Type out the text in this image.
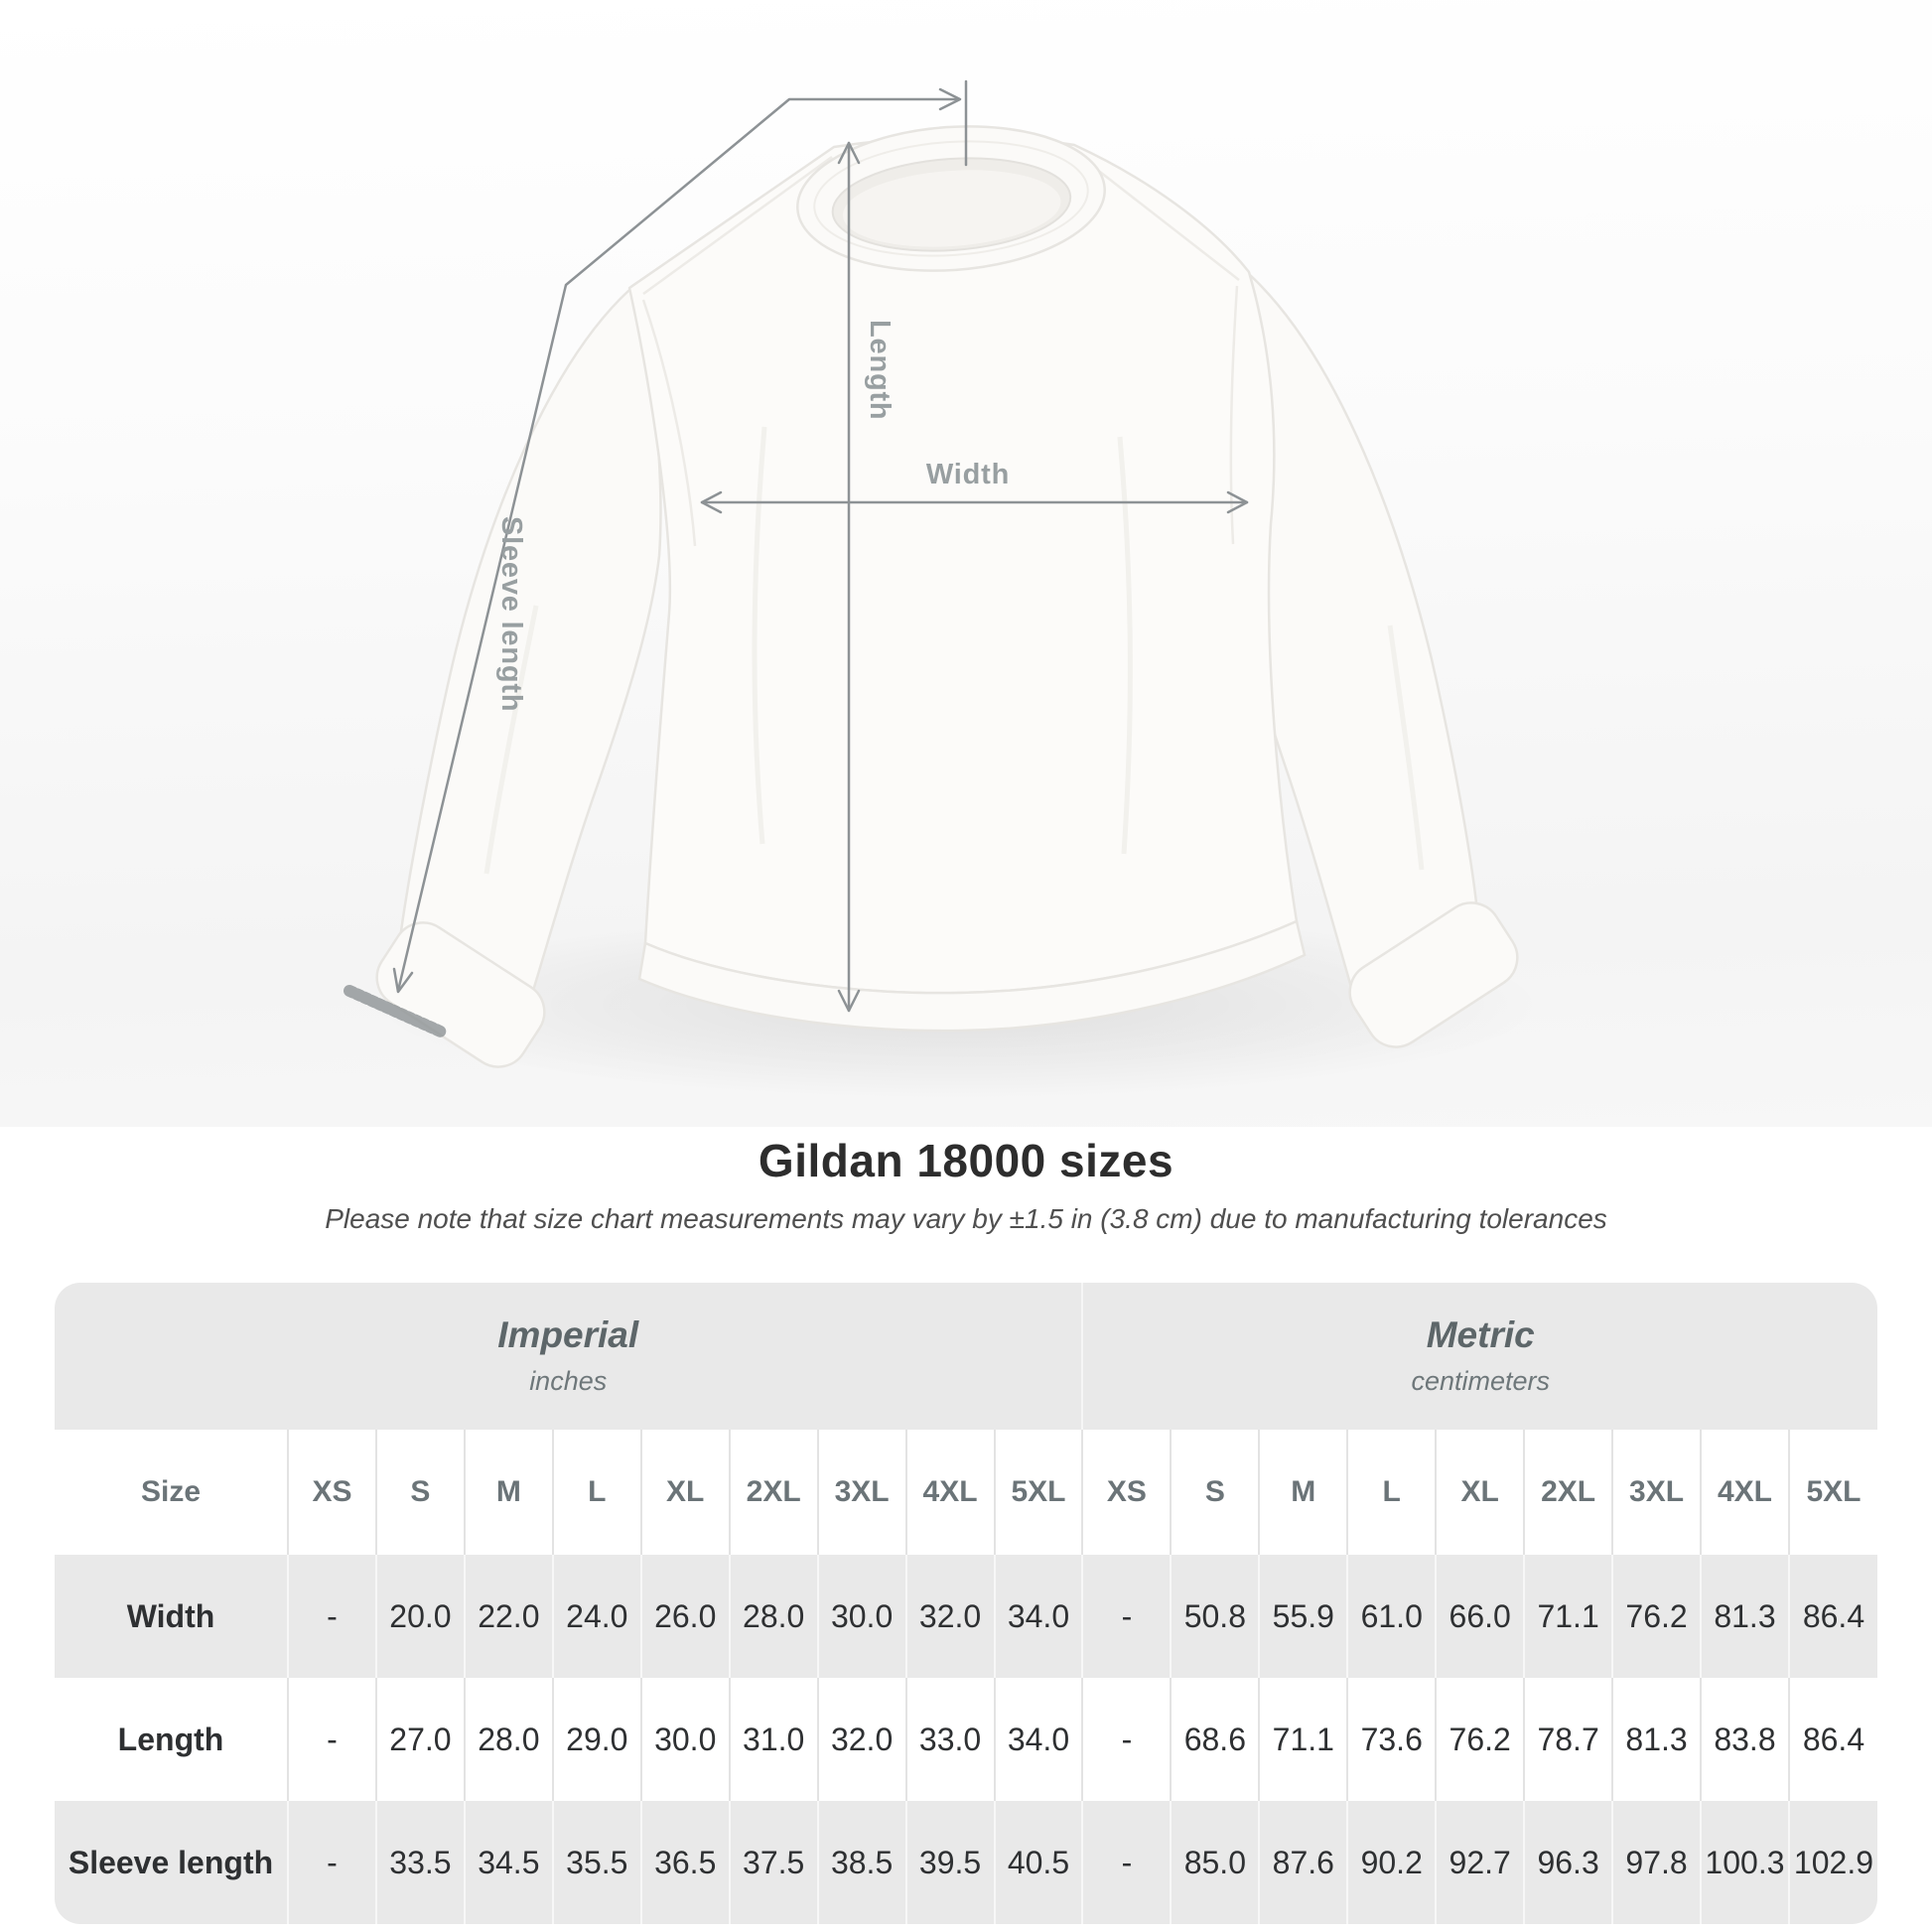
Length
Width
Sleeve length
Gildan 18000 sizes
Please note that size chart measurements may vary by ±1.5 in (3.8 cm) due to manufacturing tolerances
Imperial
inches

Metric
centimeters

Size	XS	S	M	L	XL	2XL	3XL	4XL	5XL	XS	S	M	L	XL	2XL	3XL	4XL	5XL
Width	-	20.0	22.0	24.0	26.0	28.0	30.0	32.0	34.0	-	50.8	55.9	61.0	66.0	71.1	76.2	81.3	86.4
Length	-	27.0	28.0	29.0	30.0	31.0	32.0	33.0	34.0	-	68.6	71.1	73.6	76.2	78.7	81.3	83.8	86.4
Sleeve length	-	33.5	34.5	35.5	36.5	37.5	38.5	39.5	40.5	-	85.0	87.6	90.2	92.7	96.3	97.8	100.3	102.9
